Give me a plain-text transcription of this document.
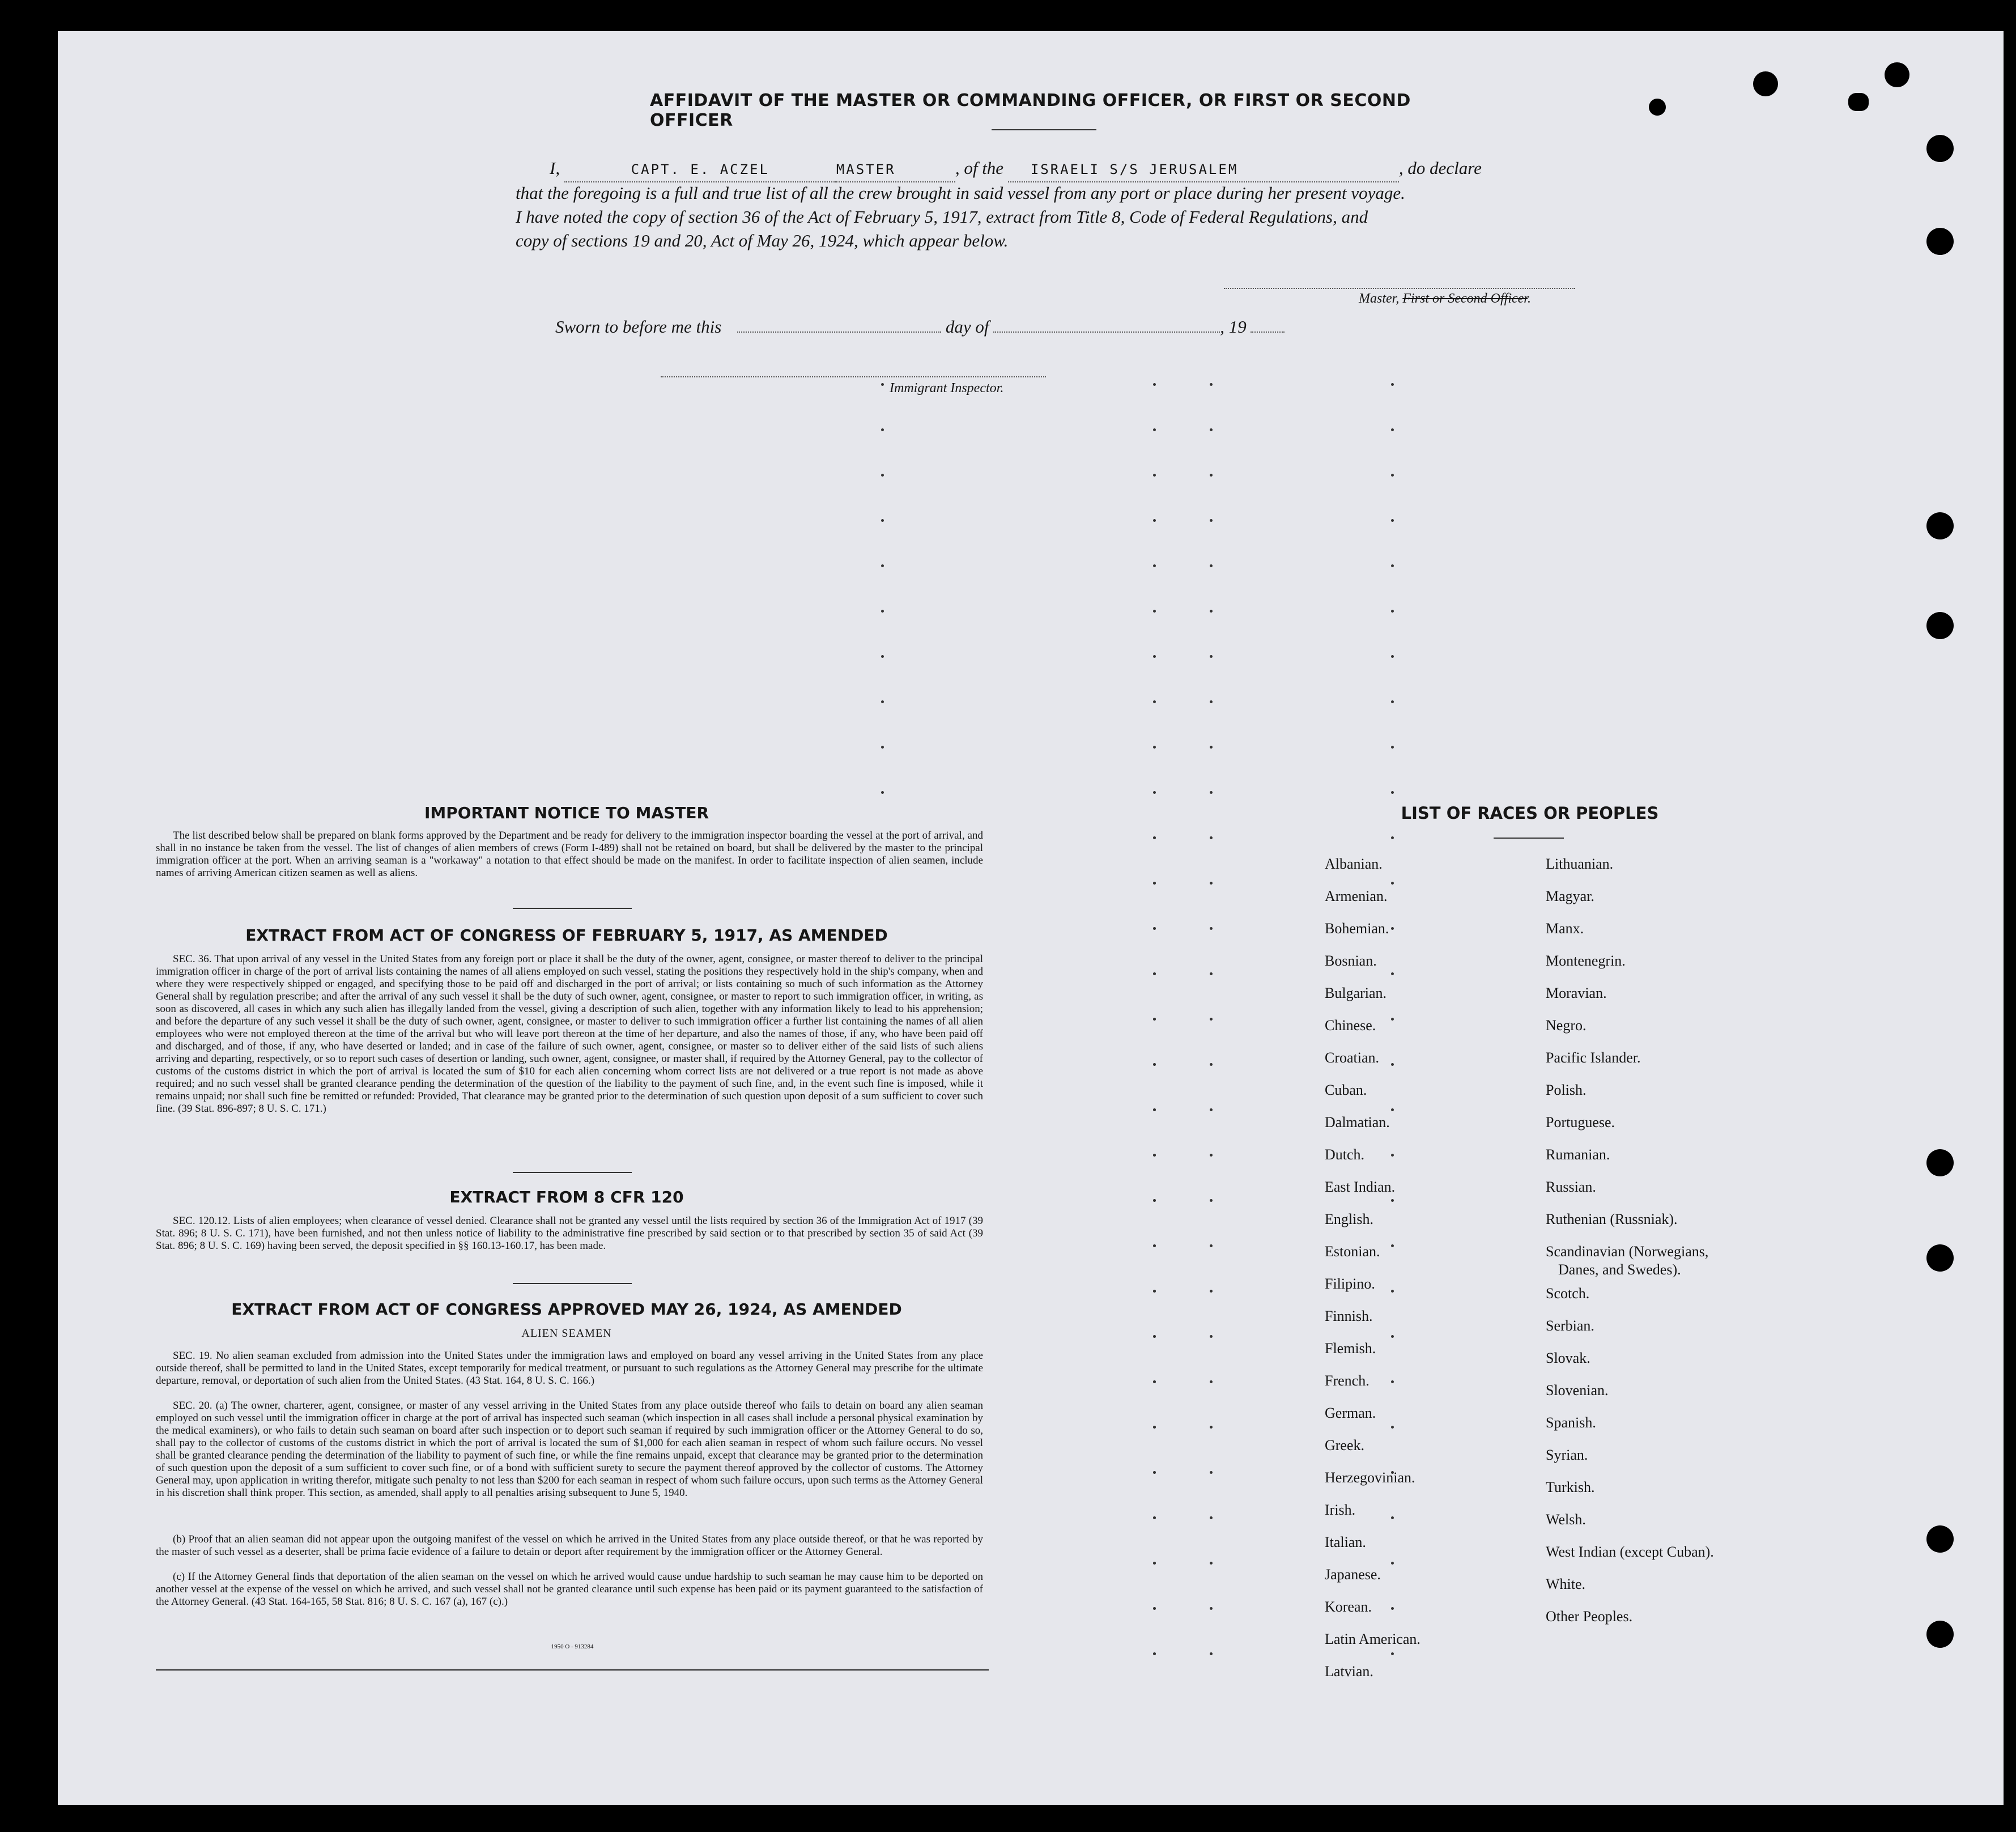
AFFIDAVIT OF THE MASTER OR COMMANDING OFFICER, OR FIRST OR SECOND OFFICER
I,	CAPT. E. ACZEL	MASTER	, of the ISRAELI S/S JERUSALEM	, do declare
that the foregoing is a full and true list of all the crew brought in said vessel from any port or place during her present voyage.
I have noted the copy of section 36 of the Act of February 5, 1917, extract from Title 8, Code of Federal Regulations, and
copy of sections 19 and 20, Act of May 26, 1924, which appear below.
Master, First or Second Officer.
Sworn to before me this	day of	, 19
Immigrant Inspector.
IMPORTANT NOTICE TO MASTER
The list described below shall be prepared on blank forms approved by the Department and be ready for delivery to the immigration inspector boarding the vessel at the port of arrival, and shall in no instance be taken from the vessel. The list of changes of alien members of crews (Form I-489) shall not be retained on board, but shall be delivered by the master to the principal immigration officer at the port. When an arriving seaman is a "workaway" a notation to that effect should be made on the manifest. In order to facilitate inspection of alien seamen, include names of arriving American citizen seamen as well as aliens.
EXTRACT FROM ACT OF CONGRESS OF FEBRUARY 5, 1917, AS AMENDED
SEC. 36. That upon arrival of any vessel in the United States from any foreign port or place it shall be the duty of the owner, agent, consignee, or master thereof to deliver to the principal immigration officer in charge of the port of arrival lists containing the names of all aliens employed on such vessel, stating the positions they respectively hold in the ship's company, when and where they were respectively shipped or engaged, and specifying those to be paid off and discharged in the port of arrival; or lists containing so much of such information as the Attorney General shall by regulation prescribe; and after the arrival of any such vessel it shall be the duty of such owner, agent, consignee, or master to report to such immigration officer, in writing, as soon as discovered, all cases in which any such alien has illegally landed from the vessel, giving a description of such alien, together with any information likely to lead to his apprehension; and before the departure of any such vessel it shall be the duty of such owner, agent, consignee, or master to deliver to such immigration officer a further list containing the names of all alien employees who were not employed thereon at the time of the arrival but who will leave port thereon at the time of her departure, and also the names of those, if any, who have been paid off and discharged, and of those, if any, who have deserted or landed; and in case of the failure of such owner, agent, consignee, or master so to deliver either of the said lists of such aliens arriving and departing, respectively, or so to report such cases of desertion or landing, such owner, agent, consignee, or master shall, if required by the Attorney General, pay to the collector of customs of the customs district in which the port of arrival is located the sum of $10 for each alien concerning whom correct lists are not delivered or a true report is not made as above required; and no such vessel shall be granted clearance pending the determination of the question of the liability to the payment of such fine, and, in the event such fine is imposed, while it remains unpaid; nor shall such fine be remitted or refunded: Provided, That clearance may be granted prior to the determination of such question upon deposit of a sum sufficient to cover such fine. (39 Stat. 896-897; 8 U. S. C. 171.)
EXTRACT FROM 8 CFR 120
SEC. 120.12. Lists of alien employees; when clearance of vessel denied. Clearance shall not be granted any vessel until the lists required by section 36 of the Immigration Act of 1917 (39 Stat. 896; 8 U. S. C. 171), have been furnished, and not then unless notice of liability to the administrative fine prescribed by said section or to that prescribed by section 35 of said Act (39 Stat. 896; 8 U. S. C. 169) having been served, the deposit specified in §§ 160.13-160.17, has been made.
EXTRACT FROM ACT OF CONGRESS APPROVED MAY 26, 1924, AS AMENDED
ALIEN SEAMEN
SEC. 19. No alien seaman excluded from admission into the United States under the immigration laws and employed on board any vessel arriving in the United States from any place outside thereof, shall be permitted to land in the United States, except temporarily for medical treatment, or pursuant to such regulations as the Attorney General may prescribe for the ultimate departure, removal, or deportation of such alien from the United States. (43 Stat. 164, 8 U. S. C. 166.)
SEC. 20. (a) The owner, charterer, agent, consignee, or master of any vessel arriving in the United States from any place outside thereof who fails to detain on board any alien seaman employed on such vessel until the immigration officer in charge at the port of arrival has inspected such seaman (which inspection in all cases shall include a personal physical examination by the medical examiners), or who fails to detain such seaman on board after such inspection or to deport such seaman if required by such immigration officer or the Attorney General to do so, shall pay to the collector of customs of the customs district in which the port of arrival is located the sum of $1,000 for each alien seaman in respect of whom such failure occurs. No vessel shall be granted clearance pending the determination of the liability to payment of such fine, or while the fine remains unpaid, except that clearance may be granted prior to the determination of such question upon the deposit of a sum sufficient to cover such fine, or of a bond with sufficient surety to secure the payment thereof approved by the collector of customs. The Attorney General may, upon application in writing therefor, mitigate such penalty to not less than $200 for each seaman in respect of whom such failure occurs, upon such terms as the Attorney General in his discretion shall think proper. This section, as amended, shall apply to all penalties arising subsequent to June 5, 1940.
(b) Proof that an alien seaman did not appear upon the outgoing manifest of the vessel on which he arrived in the United States from any place outside thereof, or that he was reported by the master of such vessel as a deserter, shall be prima facie evidence of a failure to detain or deport after requirement by the immigration officer or the Attorney General.
(c) If the Attorney General finds that deportation of the alien seaman on the vessel on which he arrived would cause undue hardship to such seaman he may cause him to be deported on another vessel at the expense of the vessel on which he arrived, and such vessel shall not be granted clearance until such expense has been paid or its payment guaranteed to the satisfaction of the Attorney General. (43 Stat. 164-165, 58 Stat. 816; 8 U. S. C. 167 (a), 167 (c).)
1950 O - 913284
LIST OF RACES OR PEOPLES
Albanian.
Armenian.
Bohemian.
Bosnian.
Bulgarian.
Chinese.
Croatian.
Cuban.
Dalmatian.
Dutch.
East Indian.
English.
Estonian.
Filipino.
Finnish.
Flemish.
French.
German.
Greek.
Herzegovinian.
Irish.
Italian.
Japanese.
Korean.
Latin American.
Latvian.
Lithuanian.
Magyar.
Manx.
Montenegrin.
Moravian.
Negro.
Pacific Islander.
Polish.
Portuguese.
Rumanian.
Russian.
Ruthenian (Russniak).
Scandinavian (Norwegians,
Danes, and Swedes).
Scotch.
Serbian.
Slovak.
Slovenian.
Spanish.
Syrian.
Turkish.
Welsh.
West Indian (except Cuban).
White.
Other Peoples.
